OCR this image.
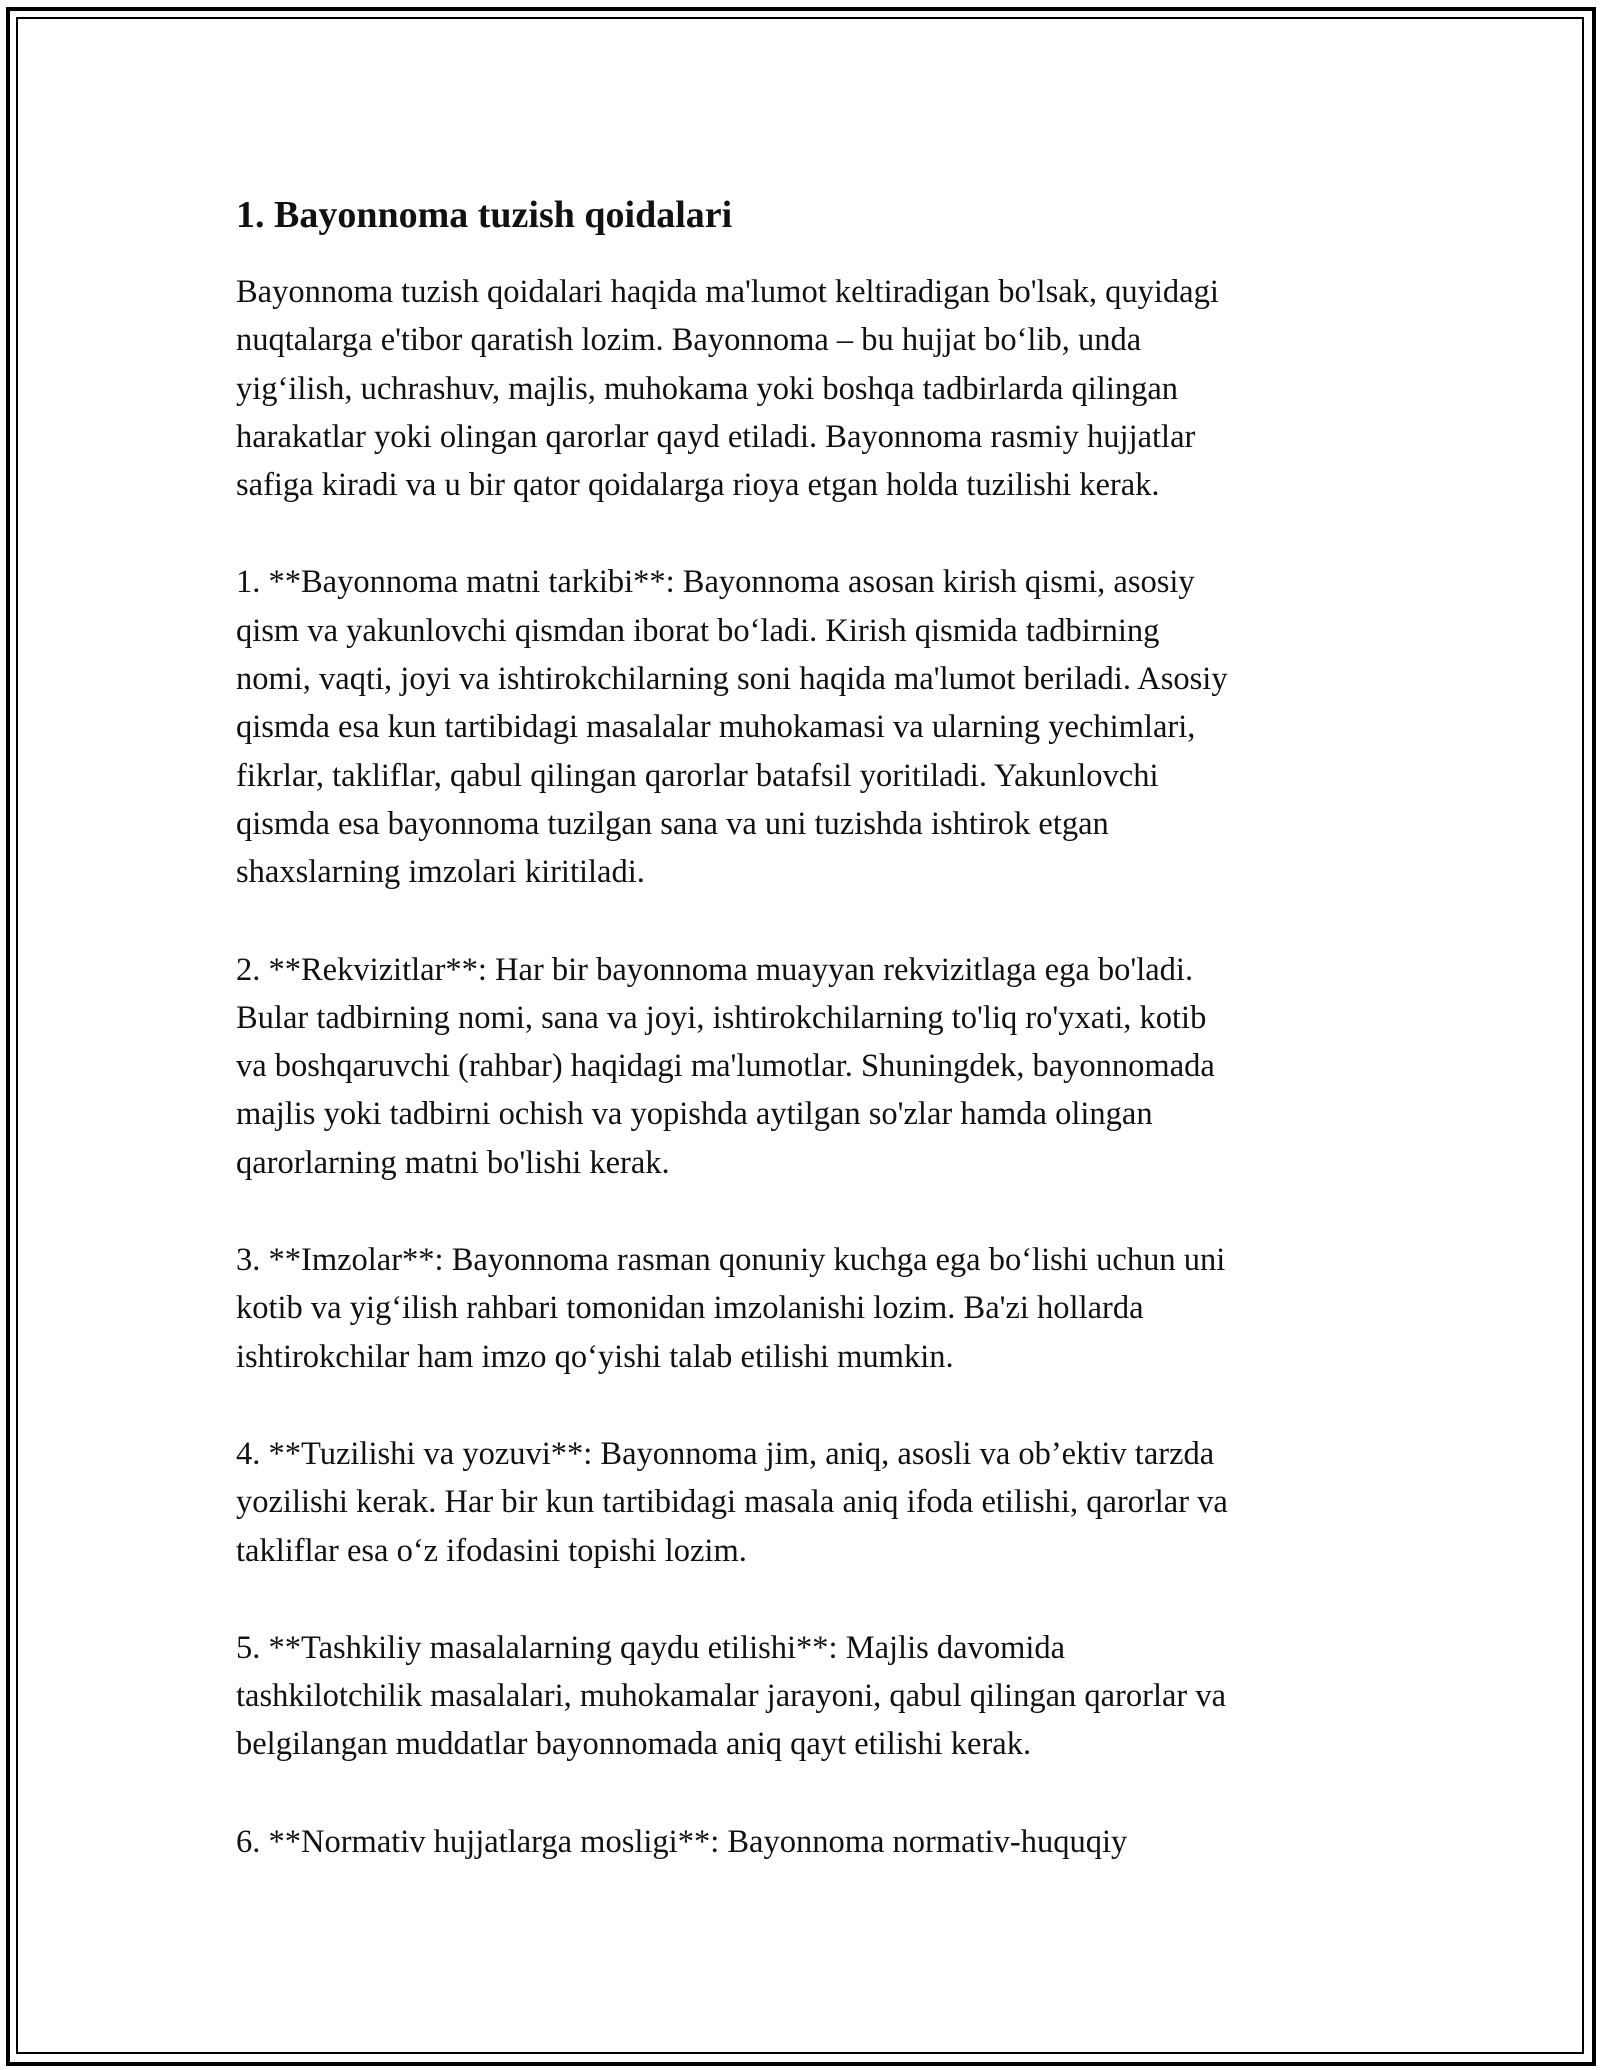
1. Bayonnoma tuzish qoidalari

Bayonnoma tuzish qoidalari haqida ma'lumot keltiradigan bo'lsak, quyidagi
nuqtalarga e'tibor qaratish lozim. Bayonnoma – bu hujjat bo‘lib, unda
yig‘ilish, uchrashuv, majlis, muhokama yoki boshqa tadbirlarda qilingan
harakatlar yoki olingan qarorlar qayd etiladi. Bayonnoma rasmiy hujjatlar
safiga kiradi va u bir qator qoidalarga rioya etgan holda tuzilishi kerak.

1. **Bayonnoma matni tarkibi**: Bayonnoma asosan kirish qismi, asosiy
qism va yakunlovchi qismdan iborat bo‘ladi. Kirish qismida tadbirning
nomi, vaqti, joyi va ishtirokchilarning soni haqida ma'lumot beriladi. Asosiy
qismda esa kun tartibidagi masalalar muhokamasi va ularning yechimlari,
fikrlar, takliflar, qabul qilingan qarorlar batafsil yoritiladi. Yakunlovchi
qismda esa bayonnoma tuzilgan sana va uni tuzishda ishtirok etgan
shaxslarning imzolari kiritiladi.

2. **Rekvizitlar**: Har bir bayonnoma muayyan rekvizitlaga ega bo'ladi.
Bular tadbirning nomi, sana va joyi, ishtirokchilarning to'liq ro'yxati, kotib
va boshqaruvchi (rahbar) haqidagi ma'lumotlar. Shuningdek, bayonnomada
majlis yoki tadbirni ochish va yopishda aytilgan so'zlar hamda olingan
qarorlarning matni bo'lishi kerak.

3. **Imzolar**: Bayonnoma rasman qonuniy kuchga ega bo‘lishi uchun uni
kotib va yig‘ilish rahbari tomonidan imzolanishi lozim. Ba'zi hollarda
ishtirokchilar ham imzo qo‘yishi talab etilishi mumkin.

4. **Tuzilishi va yozuvi**: Bayonnoma jim, aniq, asosli va ob’ektiv tarzda
yozilishi kerak. Har bir kun tartibidagi masala aniq ifoda etilishi, qarorlar va
takliflar esa o‘z ifodasini topishi lozim.

5. **Tashkiliy masalalarning qaydu etilishi**: Majlis davomida
tashkilotchilik masalalari, muhokamalar jarayoni, qabul qilingan qarorlar va
belgilangan muddatlar bayonnomada aniq qayt etilishi kerak.

6. **Normativ hujjatlarga mosligi**: Bayonnoma normativ-huquqiy
